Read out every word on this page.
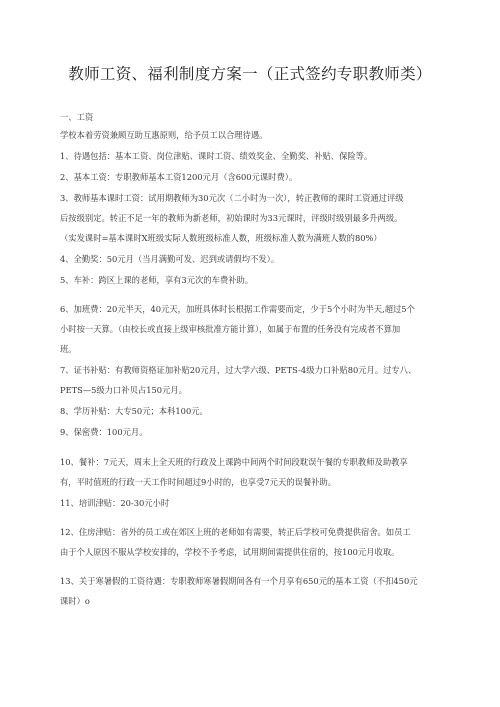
教师工资、福利制度方案一（正式签约专职教师类）
一、工资
学校本着劳资兼顾互助互惠原则，给予员工以合理待遇。
1、待遇包括：基本工资、岗位津贴、课时工资、绩效奖金、全勤奖、补贴、保险等。
2、基本工资：专职教师基本工资1200元月（含600元课时费）。
3、教师基本课时工资：试用期教师为30元次（二小时为一次），转正教师的课时工资通过评级
后按级别定。转正不足一年的教师为新老师，初始课时为33元课时，评级时级别最多升两级。
（实发课时=基本课时X班级实际人数班级标准人数，班级标准人数为满班人数的80%）
4、全勤奖：50元月（当月满勤可发、迟到或请假均不发）。
5、车补：跨区上课的老师，享有3元次的车费补助。
6、加班费：20元半天，40元天，加班具体时长根据工作需要而定，少于5个小时为半天,超过5个
小时按一天算。（由校长或直接上级审核批准方能计算），如属于布置的任务没有完成者不算加
班。
7、证书补贴：有教师资格证加补贴20元月，过大学六级、PETS-4级力口补贴80元月。过专八、
PETS—5级力口补贝占150元月。
8、学历补贴：大专50元；本科100元。
9、保密费：100元月。
10、餐补：7元天，周末上全天班的行政及上课跨中间两个时间段耽误午餐的专职教师及助教享
有，平时值班的行政一天工作时间超过9小时的，也享受7元天的误餐补助。
11、培训津贴：20-30元小时
12、住房津贴：省外的员工或在郊区上班的老师如有需要，转正后学校可免费提供宿舍。如员工
由于个人原因不服从学校安排的，学校不予考虑，试用期间需提供住宿的，按100元月收取。
13、关于寒暑假的工资待遇：专职教师寒暑假期间各有一个月享有650元的基本工资（不扣450元
课时）o
